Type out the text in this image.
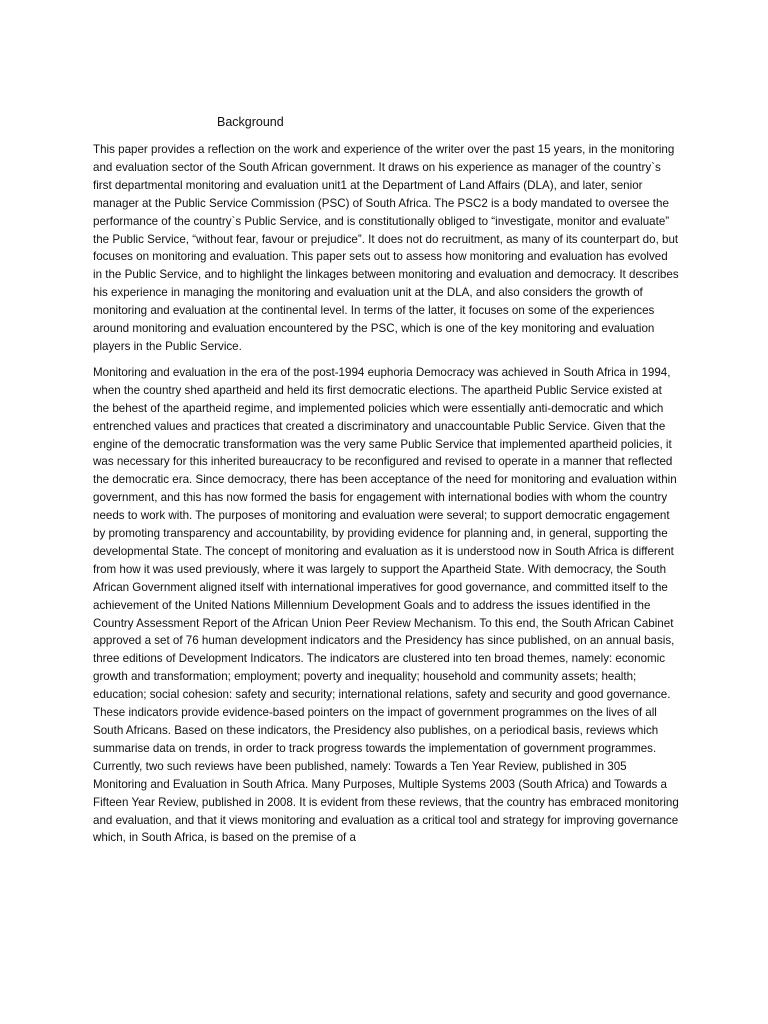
Background

This paper provides a reflection on the work and experience of the writer over the past 15 years, in the monitoring and evaluation sector of the South African government. It draws on his experience as manager of the country`s first departmental monitoring and evaluation unit1 at the Department of Land Affairs (DLA), and later, senior manager at the Public Service Commission (PSC) of South Africa. The PSC2 is a body mandated to oversee the performance of the country`s Public Service, and is constitutionally obliged to “investigate, monitor and evaluate” the Public Service, “without fear, favour or prejudice”. It does not do recruitment, as many of its counterpart do, but focuses on monitoring and evaluation. This paper sets out to assess how monitoring and evaluation has evolved in the Public Service, and to highlight the linkages between monitoring and evaluation and democracy. It describes his experience in managing the monitoring and evaluation unit at the DLA, and also considers the growth of monitoring and evaluation at the continental level. In terms of the latter, it focuses on some of the experiences around monitoring and evaluation encountered by the PSC, which is one of the key monitoring and evaluation players in the Public Service.

Monitoring and evaluation in the era of the post-1994 euphoria Democracy was achieved in South Africa in 1994, when the country shed apartheid and held its first democratic elections. The apartheid Public Service existed at the behest of the apartheid regime, and implemented policies which were essentially anti-democratic and which entrenched values and practices that created a discriminatory and unaccountable Public Service. Given that the engine of the democratic transformation was the very same Public Service that implemented apartheid policies, it was necessary for this inherited bureaucracy to be reconfigured and revised to operate in a manner that reflected the democratic era. Since democracy, there has been acceptance of the need for monitoring and evaluation within government, and this has now formed the basis for engagement with international bodies with whom the country needs to work with. The purposes of monitoring and evaluation were several; to support democratic engagement by promoting transparency and accountability, by providing evidence for planning and, in general, supporting the developmental State. The concept of monitoring and evaluation as it is understood now in South Africa is different from how it was used previously, where it was largely to support the Apartheid State. With democracy, the South African Government aligned itself with international imperatives for good governance, and committed itself to the achievement of the United Nations Millennium Development Goals and to address the issues identified in the Country Assessment Report of the African Union Peer Review Mechanism. To this end, the South African Cabinet approved a set of 76 human development indicators and the Presidency has since published, on an annual basis, three editions of Development Indicators. The indicators are clustered into ten broad themes, namely: economic growth and transformation; employment; poverty and inequality; household and community assets; health; education; social cohesion: safety and security; international relations, safety and security and good governance. These indicators provide evidence-based pointers on the impact of government programmes on the lives of all South Africans. Based on these indicators, the Presidency also publishes, on a periodical basis, reviews which summarise data on trends, in order to track progress towards the implementation of government programmes. Currently, two such reviews have been published, namely: Towards a Ten Year Review, published in 305 Monitoring and Evaluation in South Africa. Many Purposes, Multiple Systems 2003 (South Africa) and Towards a Fifteen Year Review, published in 2008. It is evident from these reviews, that the country has embraced monitoring and evaluation, and that it views monitoring and evaluation as a critical tool and strategy for improving governance which, in South Africa, is based on the premise of a
